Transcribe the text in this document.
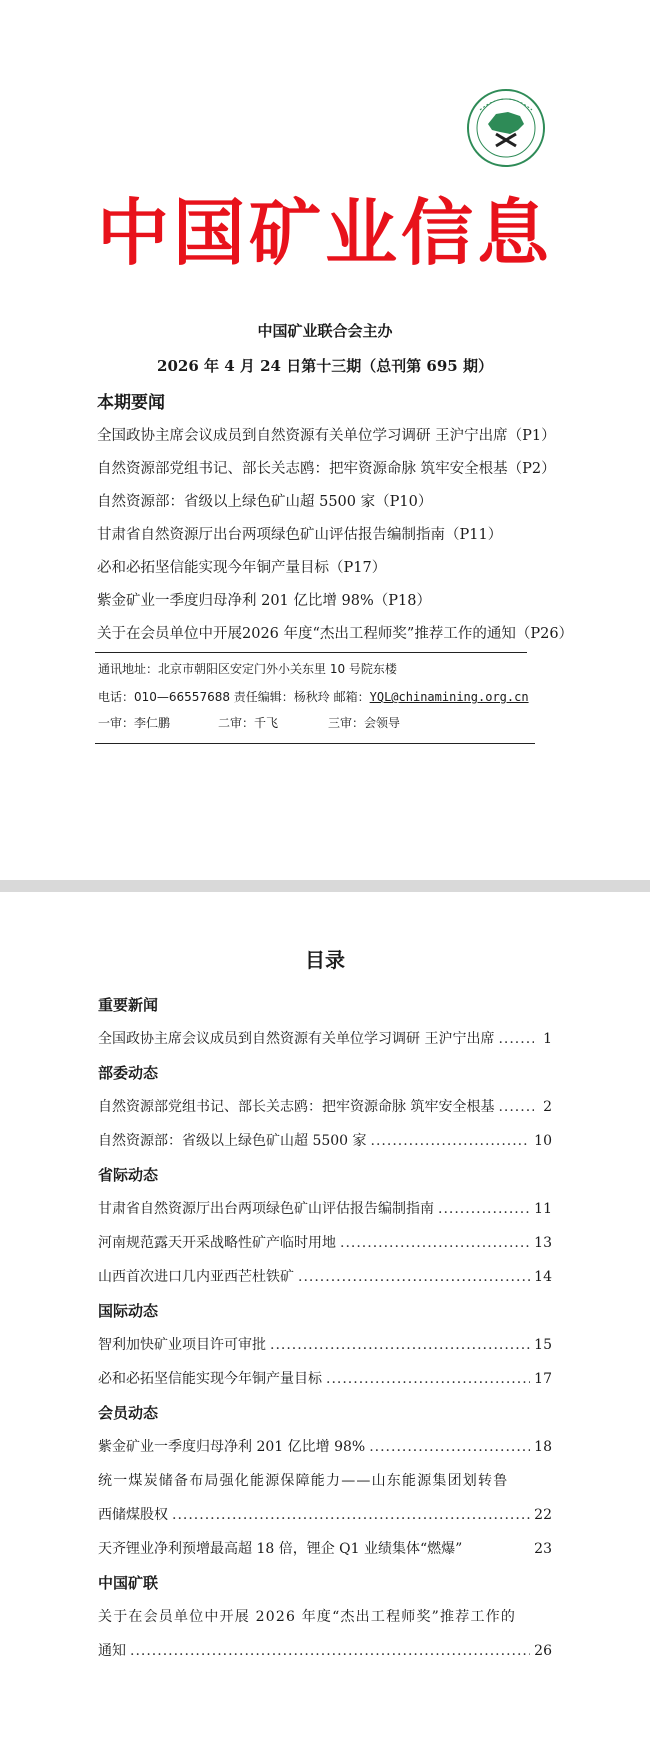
中国矿业信息
中国矿业联合会主办
2026 年 4 月 24 日第十三期（总刊第 695 期）
本期要闻
全国政协主席会议成员到自然资源有关单位学习调研 王沪宁出席（P1）
自然资源部党组书记、部长关志鸥：把牢资源命脉 筑牢安全根基（P2）
自然资源部：省级以上绿色矿山超 5500 家（P10）
甘肃省自然资源厅出台两项绿色矿山评估报告编制指南（P11）
必和必拓坚信能实现今年铜产量目标（P17）
紫金矿业一季度归母净利 201 亿比增 98%（P18）
关于在会员单位中开展2026 年度“杰出工程师奖”推荐工作的通知（P26）
通讯地址：北京市朝阳区安定门外小关东里 10 号院东楼
电话：010—66557688 责任编辑：杨秋玲 邮箱：YQL@chinamining.org.cn
一审：李仁鹏	二审：千飞	三审：会领导
目录
重要新闻
全国政协主席会议成员到自然资源有关单位学习调研 王沪宁出席 .....	1
部委动态
自然资源部党组书记、部长关志鸥：把牢资源命脉 筑牢安全根基 .....	2
自然资源部：省级以上绿色矿山超 5500 家 .....	10
省际动态
甘肃省自然资源厅出台两项绿色矿山评估报告编制指南 .....	11
河南规范露天开采战略性矿产临时用地 .....	13
山西首次进口几内亚西芒杜铁矿 .....	14
国际动态
智利加快矿业项目许可审批 .....	15
必和必拓坚信能实现今年铜产量目标 .....	17
会员动态
紫金矿业一季度归母净利 201 亿比增 98% .....	18
统一煤炭储备布局强化能源保障能力——山东能源集团划转鲁
西储煤股权 .....	22
天齐锂业净利预增最高超 18 倍，锂企 Q1 业绩集体“燃爆”	23
中国矿联
关于在会员单位中开展 2026 年度“杰出工程师奖”推荐工作的
通知 .....	26
